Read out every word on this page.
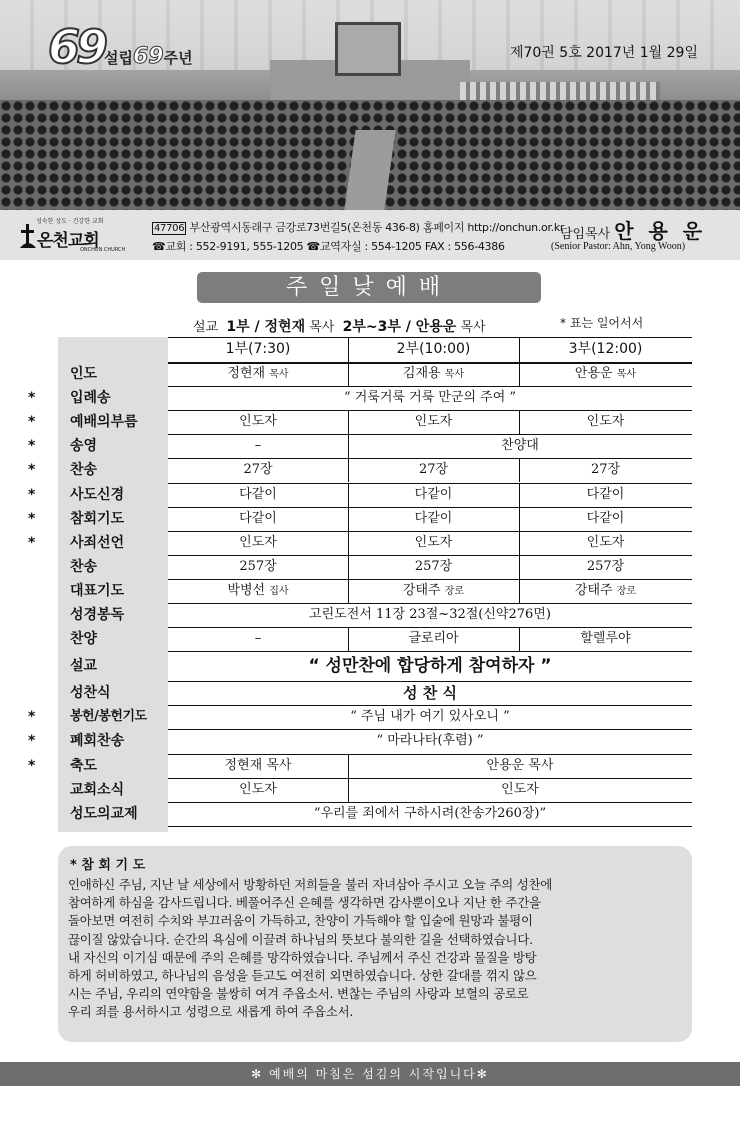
69설립69주년	제70권 5호 2017년 1월 29일
성숙한 성도 · 건강한 교회
온천교회
ONCHUN CHURCH
47706 부산광역시동래구 금강로73번길5(온천동 436-8) 홈페이지 http://onchun.or.kr
☎교회 : 552-9191, 555-1205 ☎교역자실 : 554-1205 FAX : 556-4386
담임목사 안 용 운
(Senior Pastor: Ahn, Yong Woon)
주일낮예배
설교 1부 / 정현재 목사 2부~3부 / 안용운 목사	* 표는 일어서서
1부(7:30)	2부(10:00)	3부(12:00)
인도	정현재 목사	김재용 목사	안용운 목사
*	입례송	“ 거룩거룩 거룩 만군의 주여 ”
*	예배의부름	인도자	인도자	인도자
*	송영	–	찬양대
*	찬송	27장	27장	27장
*	사도신경	다같이	다같이	다같이
*	참회기도	다같이	다같이	다같이
*	사죄선언	인도자	인도자	인도자
찬송	257장	257장	257장
대표기도	박병선 집사	강태주 장로	강태주 장로
성경봉독	고린도전서 11장 23절~32절(신약276면)
찬양	–	글로리아	할렐루야
설교	“ 성만찬에 합당하게 참여하자 ”
성찬식	성 찬 식
*	봉헌/봉헌기도	“ 주님 내가 여기 있사오니 ”
*	폐회찬송	“ 마라나타(후렴) ”
*	축도	정현재 목사	안용운 목사
교회소식	인도자	인도자
성도의교제	“우리를 죄에서 구하시려(찬송가260장)”
* 참 회 기 도
인애하신 주님, 지난 날 세상에서 방황하던 저희들을 불러 자녀삼아 주시고 오늘 주의 성찬에
참여하게 하심을 감사드립니다. 베풀어주신 은혜를 생각하면 감사뿐이오나 지난 한 주간을
돌아보면 여전히 수치와 부끄러움이 가득하고, 찬양이 가득해야 할 입술에 원망과 불평이
끊이질 않았습니다. 순간의 욕심에 이끌려 하나님의 뜻보다 불의한 길을 선택하였습니다.
내 자신의 이기심 때문에 주의 은혜를 망각하였습니다. 주님께서 주신 건강과 물질을 방탕
하게 허비하였고, 하나님의 음성을 듣고도 여전히 외면하였습니다. 상한 갈대를 꺾지 않으
시는 주님, 우리의 연약함을 불쌍히 여겨 주옵소서. 변찮는 주님의 사랑과 보혈의 공로로
우리 죄를 용서하시고 성령으로 새롭게 하여 주옵소서.
✻ 예배의 마침은 섬김의 시작입니다✻
